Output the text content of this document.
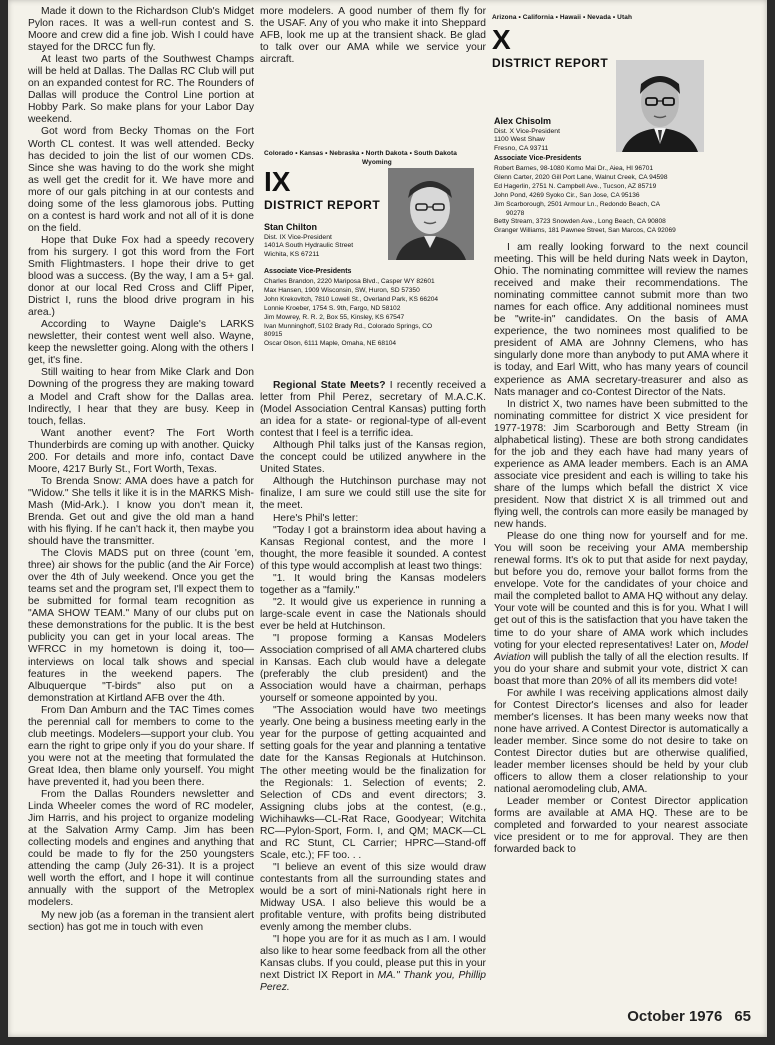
Made it down to the Richardson Club's Midget Pylon races. It was a well-run contest and S. Moore and crew did a fine job. Wish I could have stayed for the DRCC fun fly.

At least two parts of the Southwest Champs will be held at Dallas. The Dallas RC Club will put on an expanded contest for RC. The Rounders of Dallas will produce the Control Line portion at Hobby Park. So make plans for your Labor Day weekend.

Got word from Becky Thomas on the Fort Worth CL contest. It was well attended. Becky has decided to join the list of our women CDs. Since she was having to do the work she might as well get the credit for it. We have more and more of our gals pitching in at our contests and doing some of the less glamorous jobs. Putting on a contest is hard work and not all of it is done on the field.

Hope that Duke Fox had a speedy recovery from his surgery. I got this word from the Fort Smith Flightmasters. I hope their drive to get blood was a success. (By the way, I am a 5+ gal. donor at our local Red Cross and Cliff Piper, District I, runs the blood drive program in his area.)

According to Wayne Daigle's LARKS newsletter, their contest went well also. Wayne, keep the newsletter going. Along with the others I get, it's fine.

Still waiting to hear from Mike Clark and Don Downing of the progress they are making toward a Model and Craft show for the Dallas area. Indirectly, I hear that they are busy. Keep in touch, fellas.

Want another event? The Fort Worth Thunderbirds are coming up with another. Quicky 200. For details and more info, contact Dave Moore, 4217 Burly St., Fort Worth, Texas.

To Brenda Snow: AMA does have a patch for "Widow." She tells it like it is in the MARKS Mish-Mash (Mid-Ark.). I know you don't mean it, Brenda. Get out and give the old man a hand with his flying. If he can't hack it, then maybe you should have the transmitter.

The Clovis MADS put on three (count 'em, three) air shows for the public (and the Air Force) over the 4th of July weekend. Once you get the teams set and the program set, I'll expect them to be submitted for formal team recognition as "AMA SHOW TEAM." Many of our clubs put on these demonstrations for the public. It is the best publicity you can get in your local areas. The WFRCC in my hometown is doing it, too—interviews on local talk shows and special features in the weekend papers. The Albuquerque "T-birds" also put on a demonstration at Kirtland AFB over the 4th.

From Dan Amburn and the TAC Times comes the perennial call for members to come to the club meetings. Modelers—support your club. You earn the right to gripe only if you do your share. If you were not at the meeting that formulated the Great Idea, then blame only yourself. You might have prevented it, had you been there.

From the Dallas Rounders newsletter and Linda Wheeler comes the word of RC modeler, Jim Harris, and his project to organize modeling at the Salvation Army Camp. Jim has been collecting models and engines and anything that could be made to fly for the 250 youngsters attending the camp (July 26-31). It is a project well worth the effort, and I hope it will continue annually with the support of the Metroplex modelers.

My new job (as a foreman in the transient alert section) has got me in touch with even

more modelers. A good number of them fly for the USAF. Any of you who make it into Sheppard AFB, look me up at the transient shack. Be glad to talk over our AMA while we service your aircraft.

Colorado • Kansas • Nebraska • North Dakota • South Dakota
Wyoming
IX
DISTRICT REPORT
Stan Chilton
Dist. IX Vice-President
1401A South Hydraulic Street
Wichita, KS 67211
Associate Vice-Presidents
Charles Brandon, 2220 Mariposa Blvd., Casper WY 82601
Max Hansen, 1909 Wisconsin, SW, Huron, SD 57350
John Krekovitch, 7810 Lowell St., Overland Park, KS 66204
Lonnie Kroeber, 1754 S. 9th, Fargo, ND 58102
Jim Mowrey, R. R. 2, Box 55, Kinsley, KS 67547
Ivan Munninghoff, 5102 Brady Rd., Colorado Springs, CO
80915
Oscar Olson, 6111 Maple, Omaha, NE 68104

Regional State Meets? I recently received a letter from Phil Perez, secretary of M.A.C.K. (Model Association Central Kansas) putting forth an idea for a state- or regional-type of all-event contest that I feel is a terrific idea.

Although Phil talks just of the Kansas region, the concept could be utilized anywhere in the United States.

Although the Hutchinson purchase may not finalize, I am sure we could still use the site for the meet.

Here's Phil's letter:

"Today I got a brainstorm idea about having a Kansas Regional contest, and the more I thought, the more feasible it sounded. A contest of this type would accomplish at least two things:

"1. It would bring the Kansas modelers together as a "family."

"2. It would give us experience in running a large-scale event in case the Nationals should ever be held at Hutchinson.

"I propose forming a Kansas Modelers Association comprised of all AMA chartered clubs in Kansas. Each club would have a delegate (preferably the club president) and the Association would have a chairman, perhaps yourself or someone appointed by you.

"The Association would have two meetings yearly. One being a business meeting early in the year for the purpose of getting acquainted and setting goals for the year and planning a tentative date for the Kansas Regionals at Hutchinson. The other meeting would be the finalization for the Regionals: 1. Selection of events; 2. Selection of CDs and event directors; 3. Assigning clubs jobs at the contest, (e.g., Wichihawks—CL-Rat Race, Goodyear; Witchita RC—Pylon-Sport, Form. I, and QM; MACK—CL and RC Stunt, CL Carrier; HPRC—Stand-off Scale, etc.); FF too. . .

"I believe an event of this size would draw contestants from all the surrounding states and would be a sort of mini-Nationals right here in Midway USA. I also believe this would be a profitable venture, with profits being distributed evenly among the member clubs.

"I hope you are for it as much as I am. I would also like to hear some feedback from all the other Kansas clubs. If you could, please put this in your next District IX Report in MA." Thank you, Phillip Perez.

Arizona • California • Hawaii • Nevada • Utah
X
DISTRICT REPORT
Alex Chisolm
Dist. X Vice-President
1100 West Shaw
Fresno, CA 93711
Associate Vice-Presidents
Robert Barnes, 98-1080 Komo Mai Dr., Aiea, HI 96701
Glenn Carter, 2020 Gill Port Lane, Walnut Creek, CA 94598
Ed Hagerlin, 2751 N. Campbell Ave., Tucson, AZ 85719
John Pond, 4269 Syoko Cir., San Jose, CA 95136
Jim Scarborough, 2501 Armour Ln., Redondo Beach, CA
90278
Betty Stream, 3723 Snowden Ave., Long Beach, CA 90808
Granger Williams, 181 Pawnee Street, San Marcos, CA 92069

I am really looking forward to the next council meeting. This will be held during Nats week in Dayton, Ohio. The nominating committee will review the names received and make their recommendations. The nominating committee cannot submit more than two names for each office. Any additional nominees must be "write-in" candidates. On the basis of AMA experience, the two nominees most qualified to be president of AMA are Johnny Clemens, who has singularly done more than anybody to put AMA where it is today, and Earl Witt, who has many years of council experience as AMA secretary-treasurer and also as Nats manager and co-Contest Director of the Nats.

In district X, two names have been submitted to the nominating committee for district X vice president for 1977-1978: Jim Scarborough and Betty Stream (in alphabetical listing). These are both strong candidates for the job and they each have had many years of experience as AMA leader members. Each is an AMA associate vice president and each is willing to take his share of the lumps which befall the district X vice president. Now that district X is all trimmed out and flying well, the controls can more easily be managed by new hands.

Please do one thing now for yourself and for me. You will soon be receiving your AMA membership renewal forms. It's ok to put that aside for next payday, but before you do, remove your ballot forms from the envelope. Vote for the candidates of your choice and mail the completed ballot to AMA HQ without any delay. Your vote will be counted and this is for you. What I will get out of this is the satisfaction that you have taken the time to do your share of AMA work which includes voting for your elected representatives! Later on, Model Aviation will publish the tally of all the election results. If you do your share and submit your vote, district X can boast that more than 20% of all its members did vote!

For awhile I was receiving applications almost daily for Contest Director's licenses and also for leader member's licenses. It has been many weeks now that none have arrived. A Contest Director is automatically a leader member. Since some do not desire to take on Contest Director duties but are otherwise qualified, leader member licenses should be held by your club officers to allow them a closer relationship to your national aeromodeling club, AMA.

Leader member or Contest Director application forms are available at AMA HQ. These are to be completed and forwarded to your nearest associate vice president or to me for approval. They are then forwarded back to

October 1976 65
